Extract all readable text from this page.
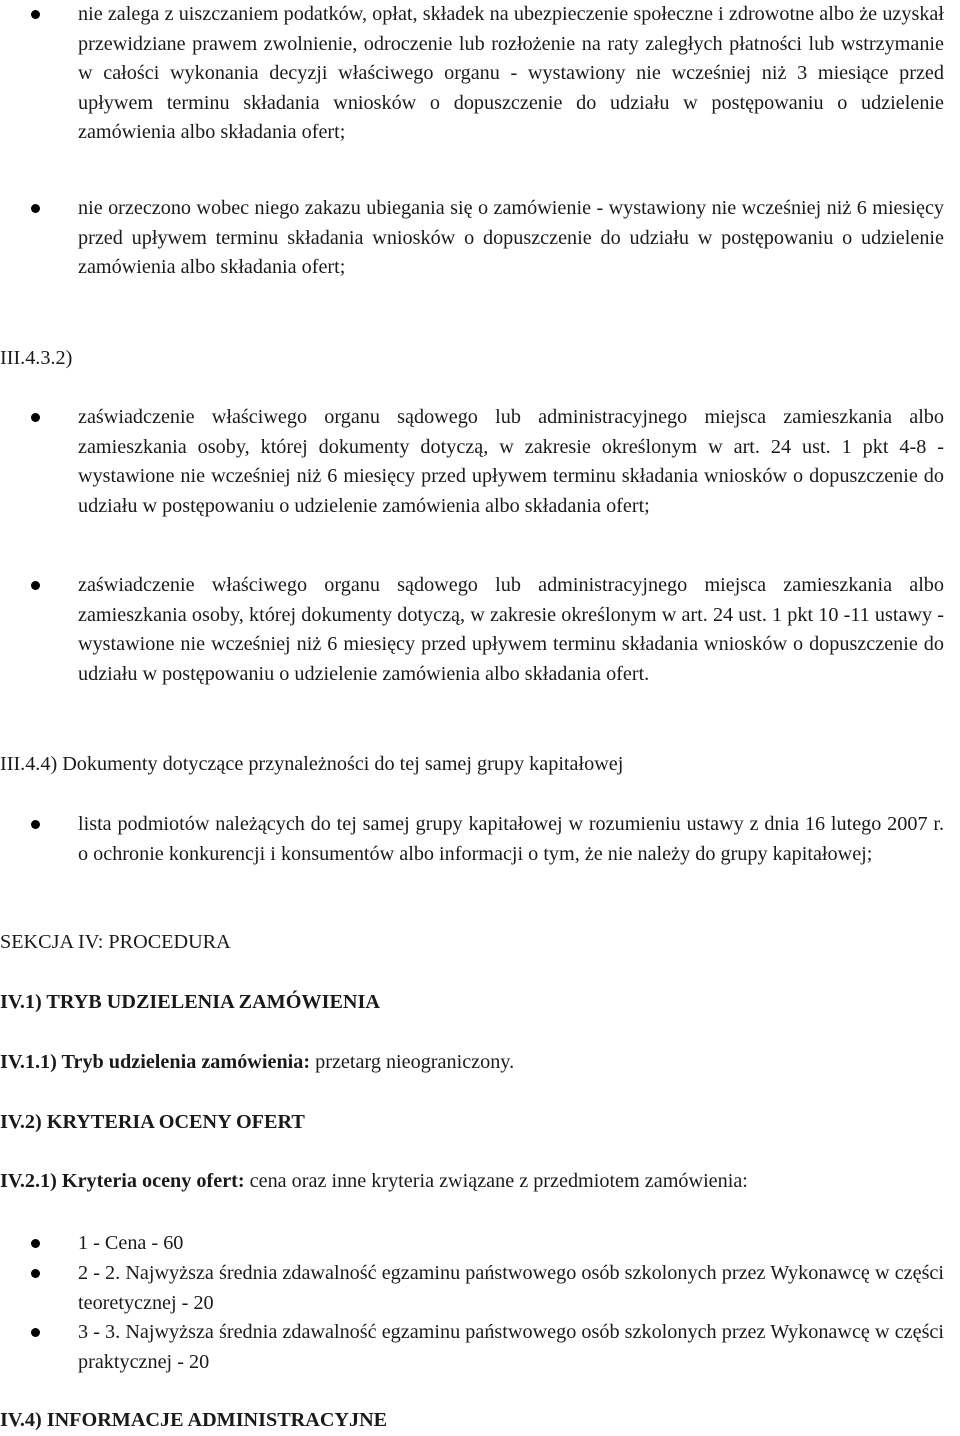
nie zalega z uiszczaniem podatków, opłat, składek na ubezpieczenie społeczne i zdrowotne albo że uzyskał przewidziane prawem zwolnienie, odroczenie lub rozłożenie na raty zaległych płatności lub wstrzymanie w całości wykonania decyzji właściwego organu - wystawiony nie wcześniej niż 3 miesiące przed upływem terminu składania wniosków o dopuszczenie do udziału w postępowaniu o udzielenie zamówienia albo składania ofert;

nie orzeczono wobec niego zakazu ubiegania się o zamówienie - wystawiony nie wcześniej niż 6 miesięcy przed upływem terminu składania wniosków o dopuszczenie do udziału w postępowaniu o udzielenie zamówienia albo składania ofert;

III.4.3.2)

zaświadczenie właściwego organu sądowego lub administracyjnego miejsca zamieszkania albo zamieszkania osoby, której dokumenty dotyczą, w zakresie określonym w art. 24 ust. 1 pkt 4-8 - wystawione nie wcześniej niż 6 miesięcy przed upływem terminu składania wniosków o dopuszczenie do udziału w postępowaniu o udzielenie zamówienia albo składania ofert;

zaświadczenie właściwego organu sądowego lub administracyjnego miejsca zamieszkania albo zamieszkania osoby, której dokumenty dotyczą, w zakresie określonym w art. 24 ust. 1 pkt 10 -11 ustawy - wystawione nie wcześniej niż 6 miesięcy przed upływem terminu składania wniosków o dopuszczenie do udziału w postępowaniu o udzielenie zamówienia albo składania ofert.

III.4.4) Dokumenty dotyczące przynależności do tej samej grupy kapitałowej

lista podmiotów należących do tej samej grupy kapitałowej w rozumieniu ustawy z dnia 16 lutego 2007 r. o ochronie konkurencji i konsumentów albo informacji o tym, że nie należy do grupy kapitałowej;

SEKCJA IV: PROCEDURA

IV.1) TRYB UDZIELENIA ZAMÓWIENIA

IV.1.1) Tryb udzielenia zamówienia: przetarg nieograniczony.

IV.2) KRYTERIA OCENY OFERT

IV.2.1) Kryteria oceny ofert: cena oraz inne kryteria związane z przedmiotem zamówienia:

1 - Cena - 60

2 - 2. Najwyższa średnia zdawalność egzaminu państwowego osób szkolonych przez Wykonawcę w części teoretycznej - 20

3 - 3. Najwyższa średnia zdawalność egzaminu państwowego osób szkolonych przez Wykonawcę w części praktycznej - 20

IV.4) INFORMACJE ADMINISTRACYJNE
